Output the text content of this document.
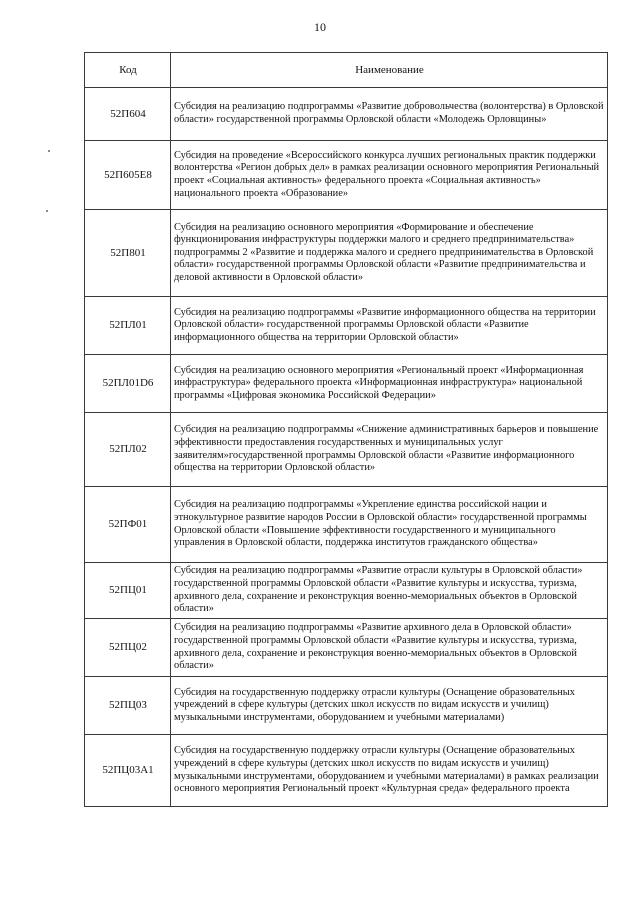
10
Код	Наименование
52П604	Субсидия на реализацию подпрограммы «Развитие добровольчества (волонтерства) в Орловской области» государственной программы Орловской области «Молодежь Орловщины»
52П605Е8	Субсидия на проведение «Всероссийского конкурса лучших региональных практик поддержки волонтерства «Регион добрых дел» в рамках реализации основного мероприятия Региональный проект «Социальная активность» федерального проекта «Социальная активность» национального проекта «Образование»
52П801	Субсидия на реализацию основного мероприятия «Формирование и обеспечение функционирования инфраструктуры поддержки малого и среднего предпринимательства» подпрограммы 2 «Развитие и поддержка малого и среднего предпринимательства в Орловской области» государственной программы Орловской области «Развитие предпринимательства и деловой активности в Орловской области»
52ПЛ01	Субсидия на реализацию подпрограммы «Развитие информационного общества на территории Орловской области» государственной программы Орловской области «Развитие информационного общества на территории Орловской области»
52ПЛ01D6	Субсидия на реализацию основного мероприятия «Региональный проект «Информационная инфраструктура» федерального проекта «Информационная инфраструктура» национальной программы «Цифровая экономика Российской Федерации»
52ПЛ02	Субсидия на реализацию подпрограммы «Снижение административных барьеров и повышение эффективности предоставления государственных и муниципальных услуг заявителям»государственной программы Орловской области «Развитие информационного общества на территории Орловской области»
52ПФ01	Субсидия на реализацию подпрограммы «Укрепление единства российской нации и этнокультурное развитие народов России в Орловской области» государственной программы Орловской области «Повышение эффективности государственного и муниципального управления в Орловской области, поддержка институтов гражданского общества»
52ПЦ01	Субсидия на реализацию подпрограммы «Развитие отрасли культуры в Орловской области» государственной программы Орловской области «Развитие культуры и искусства, туризма, архивного дела, сохранение и реконструкция военно-мемориальных объектов в Орловской области»
52ПЦ02	Субсидия на реализацию подпрограммы «Развитие архивного дела в Орловской области» государственной программы Орловской области «Развитие культуры и искусства, туризма, архивного дела, сохранение и реконструкция военно-мемориальных объектов в Орловской области»
52ПЦ03	Субсидия на государственную поддержку отрасли культуры (Оснащение образовательных учреждений в сфере культуры (детских школ искусств по видам искусств и училищ) музыкальными инструментами, оборудованием и учебными материалами)
52ПЦ03А1	Субсидия на государственную поддержку отрасли культуры (Оснащение образовательных учреждений в сфере культуры (детских школ искусств по видам искусств и училищ) музыкальными инструментами, оборудованием и учебными материалами) в рамках реализации основного мероприятия Региональный проект «Культурная среда» федерального проекта
